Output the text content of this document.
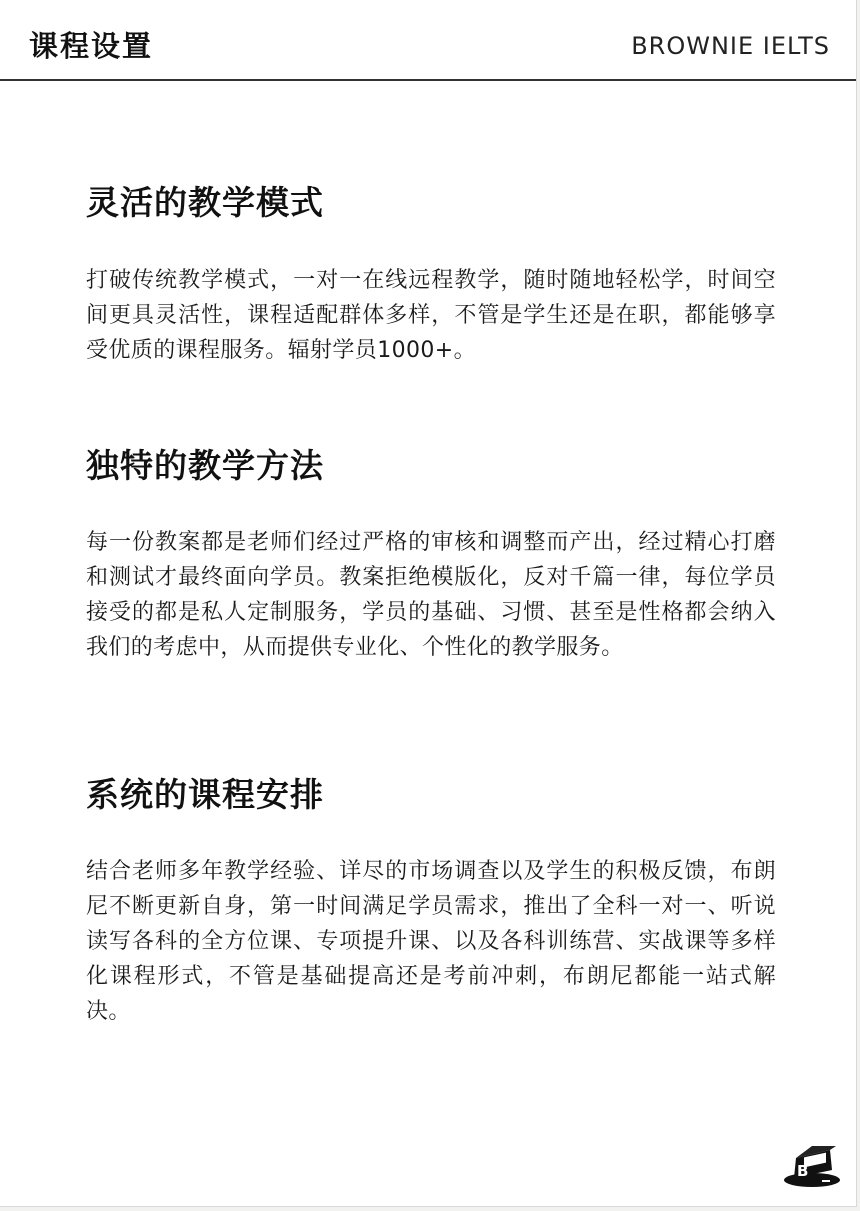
课程设置	BROWNIE IELTS
灵活的教学模式

打破传统教学模式，一对一在线远程教学，随时随地轻松学，时间空间更具灵活性，课程适配群体多样，不管是学生还是在职，都能够享受优质的课程服务。辐射学员1000+。

独特的教学方法

每一份教案都是老师们经过严格的审核和调整而产出，经过精心打磨和测试才最终面向学员。教案拒绝模版化，反对千篇一律，每位学员接受的都是私人定制服务，学员的基础、习惯、甚至是性格都会纳入我们的考虑中，从而提供专业化、个性化的教学服务。

系统的课程安排

结合老师多年教学经验、详尽的市场调查以及学生的积极反馈，布朗尼不断更新自身，第一时间满足学员需求，推出了全科一对一、听说读写各科的全方位课、专项提升课、以及各科训练营、实战课等多样化课程形式，不管是基础提高还是考前冲刺，布朗尼都能一站式解决。

B
